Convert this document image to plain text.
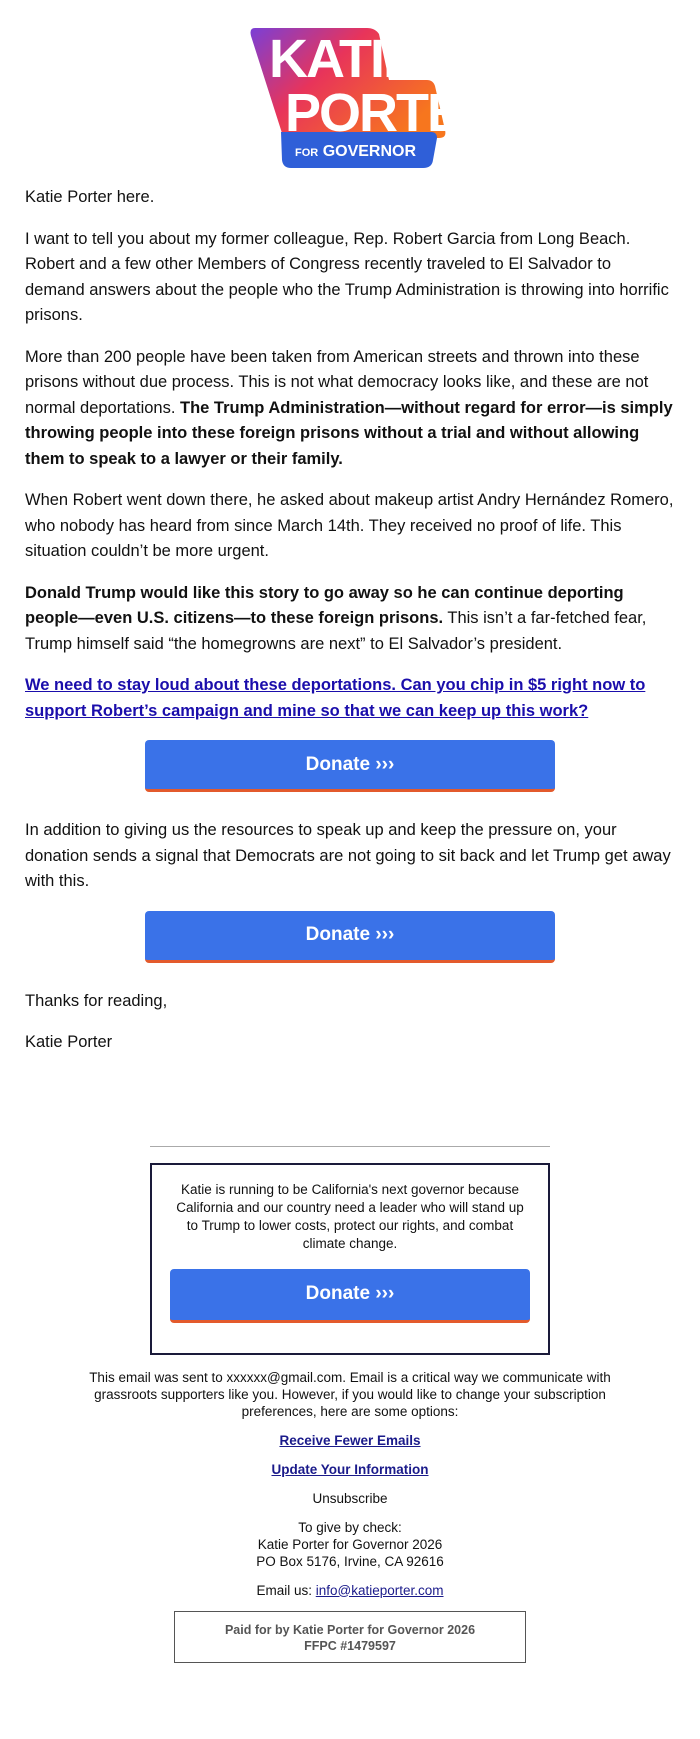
KATIE
PORTER
FOR GOVERNOR

Katie Porter here.

I want to tell you about my former colleague, Rep. Robert Garcia from Long Beach. Robert and a few other Members of Congress recently traveled to El Salvador to demand answers about the people who the Trump Administration is throwing into horrific prisons.

More than 200 people have been taken from American streets and thrown into these prisons without due process. This is not what democracy looks like, and these are not normal deportations. The Trump Administration—without regard for error—is simply throwing people into these foreign prisons without a trial and without allowing them to speak to a lawyer or their family.

When Robert went down there, he asked about makeup artist Andry Hernández Romero, who nobody has heard from since March 14th. They received no proof of life. This situation couldn’t be more urgent.

Donald Trump would like this story to go away so he can continue deporting people—even U.S. citizens—to these foreign prisons. This isn’t a far-fetched fear, Trump himself said “the homegrowns are next” to El Salvador’s president.

We need to stay loud about these deportations. Can you chip in $5 right now to support Robert’s campaign and mine so that we can keep up this work?

Donate ›››

In addition to giving us the resources to speak up and keep the pressure on, your donation sends a signal that Democrats are not going to sit back and let Trump get away with this.

Donate ›››

Thanks for reading,

Katie Porter

Katie is running to be California's next governor because California and our country need a leader who will stand up to Trump to lower costs, protect our rights, and combat climate change.

Donate ›››

This email was sent to xxxxxx@gmail.com. Email is a critical way we communicate with grassroots supporters like you. However, if you would like to change your subscription preferences, here are some options:

Receive Fewer Emails

Update Your Information

Unsubscribe

To give by check:
Katie Porter for Governor 2026
PO Box 5176, Irvine, CA 92616

Email us: info@katieporter.com

Paid for by Katie Porter for Governor 2026
FFPC #1479597
